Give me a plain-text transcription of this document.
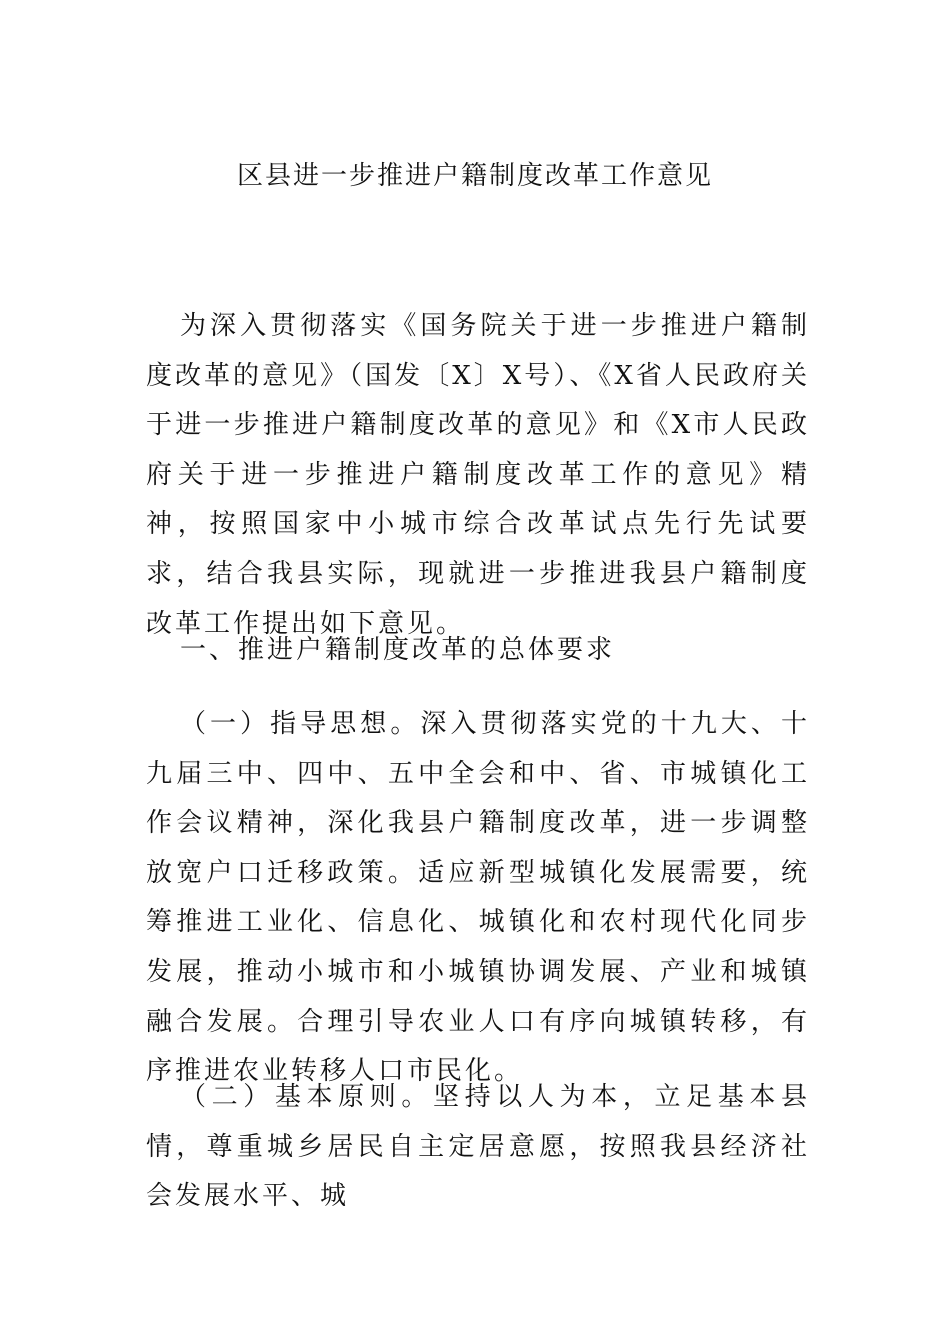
区县进一步推进户籍制度改革工作意见

为深入贯彻落实《国务院关于进一步推进户籍制度改革的意见》（国发〔X〕X号）、《X省人民政府关于进一步推进户籍制度改革的意见》和《X市人民政府关于进一步推进户籍制度改革工作的意见》精神，按照国家中小城市综合改革试点先行先试要求，结合我县实际，现就进一步推进我县户籍制度改革工作提出如下意见。

一、推进户籍制度改革的总体要求

（一）指导思想。深入贯彻落实党的十九大、十九届三中、四中、五中全会和中、省、市城镇化工作会议精神，深化我县户籍制度改革，进一步调整放宽户口迁移政策。适应新型城镇化发展需要，统筹推进工业化、信息化、城镇化和农村现代化同步发展，推动小城市和小城镇协调发展、产业和城镇融合发展。合理引导农业人口有序向城镇转移，有序推进农业转移人口市民化。

（二）基本原则。坚持以人为本，立足基本县情，尊重城乡居民自主定居意愿，按照我县经济社会发展水平、城
